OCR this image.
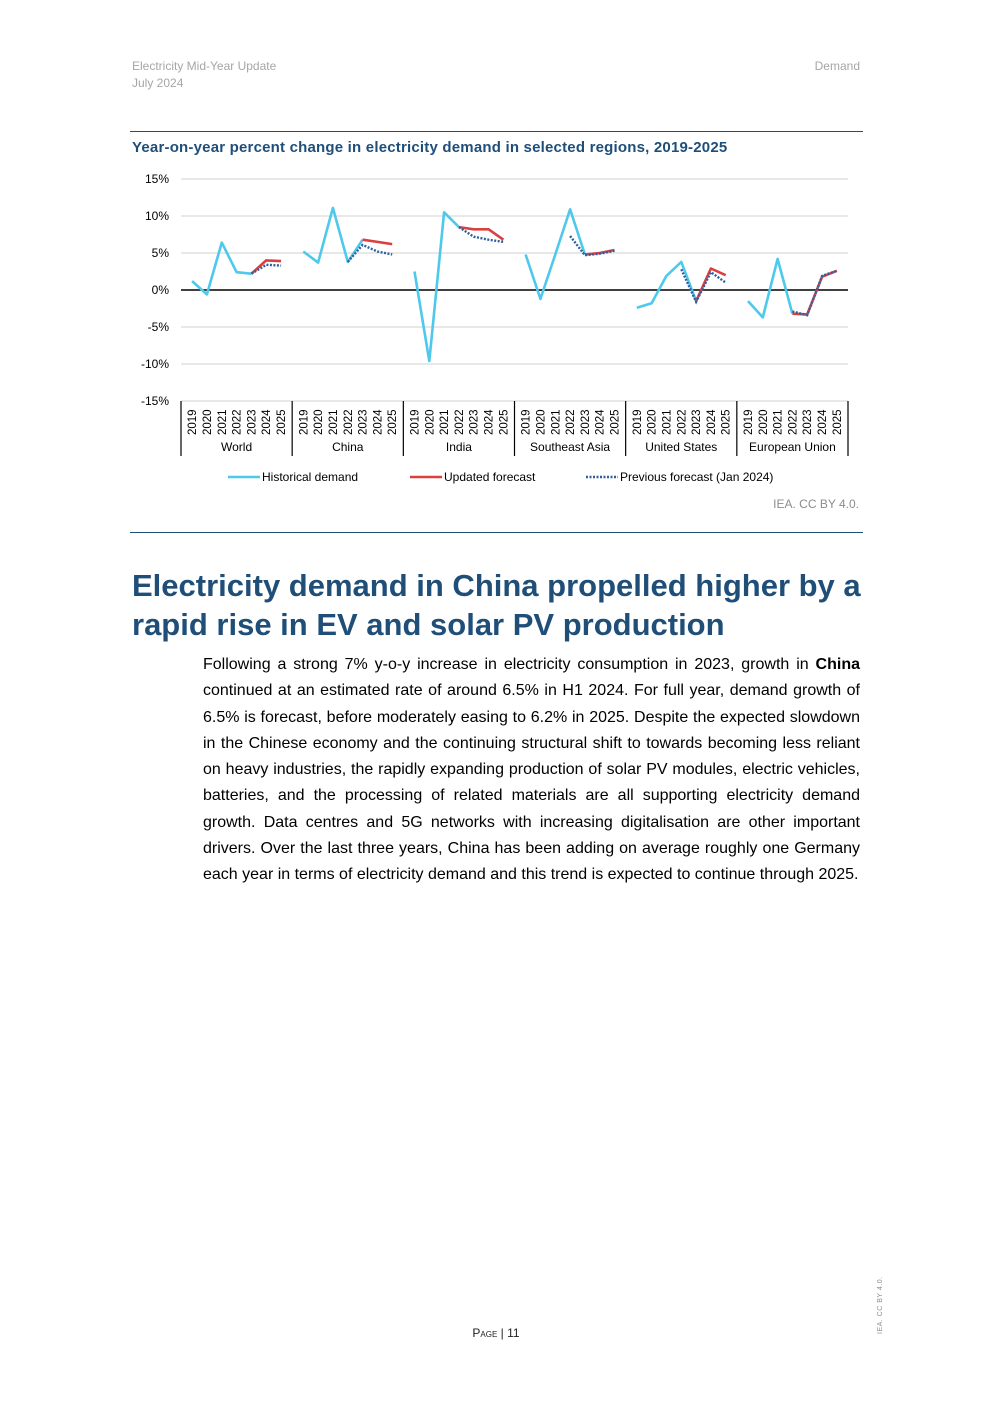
Electricity Mid-Year Update
July 2024
Demand
Year-on-year percent change in electricity demand in selected regions, 2019-2025
15%
10%
5%
-5%
-10%
-15%
0%
2019 2020 2021 2022 2023 2024 2025
World
2019 2020 2021 2022 2023 2024 2025
China
2019 2020 2021 2022 2023 2024 2025
India
2019 2020 2021 2022 2023 2024 2025
Southeast Asia
2019 2020 2021 2022 2023 2024 2025
United States
2019 2020 2021 2022 2023 2024 2025
European Union
Historical demand	Updated forecast	Previous forecast (Jan 2024)
IEA. CC BY 4.0.
Electricity demand in China propelled higher by a rapid rise in EV and solar PV production

Following a strong 7% y-o-y increase in electricity consumption in 2023, growth in China continued at an estimated rate of around 6.5% in H1 2024. For full year, demand growth of 6.5% is forecast, before moderately easing to 6.2% in 2025. Despite the expected slowdown in the Chinese economy and the continuing structural shift to towards becoming less reliant on heavy industries, the rapidly expanding production of solar PV modules, electric vehicles, batteries, and the processing of related materials are all supporting electricity demand growth. Data centres and 5G networks with increasing digitalisation are other important drivers. Over the last three years, China has been adding on average roughly one Germany each year in terms of electricity demand and this trend is expected to continue through 2025.

Page | 11	IEA. CC BY 4.0.
